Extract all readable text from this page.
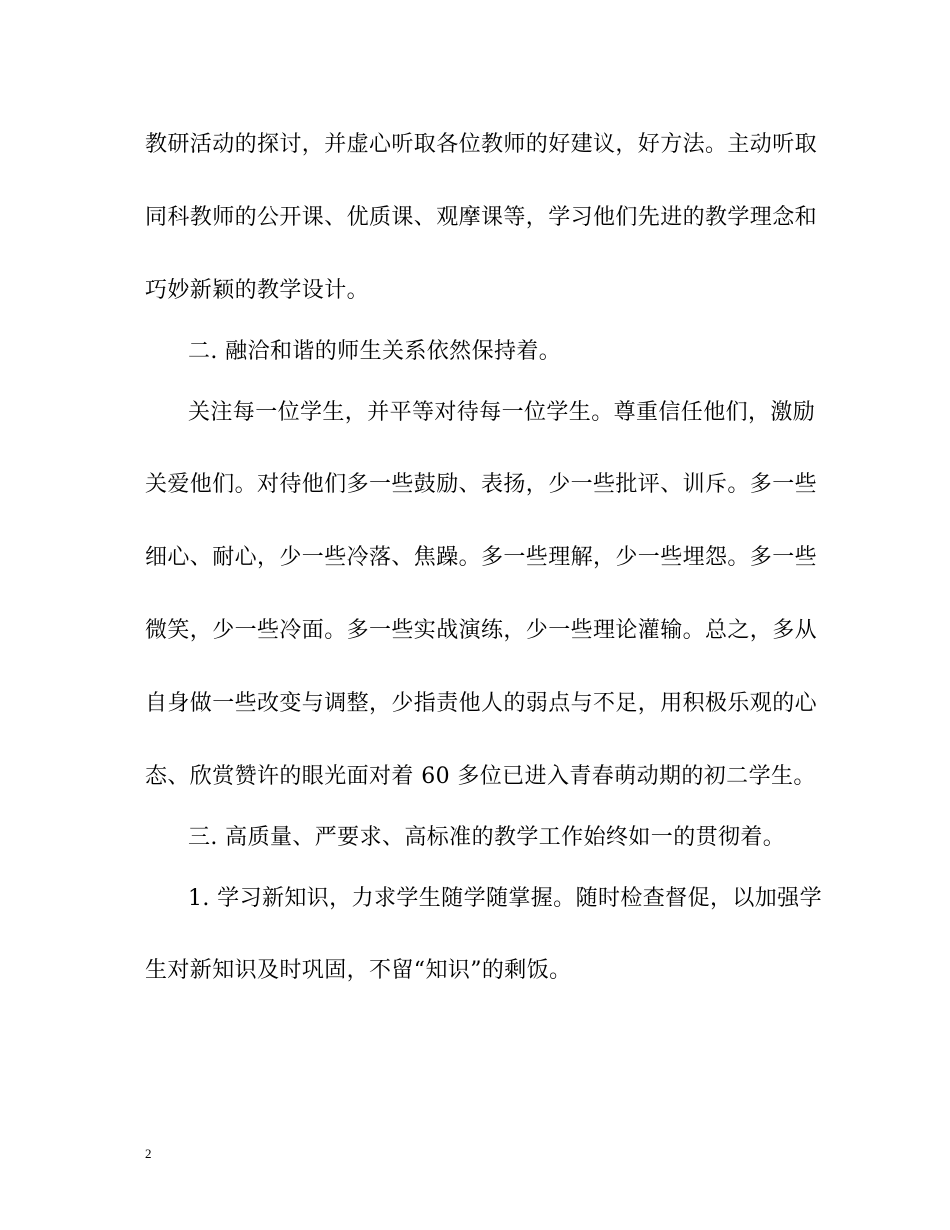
教研活动的探讨，并虚心听取各位教师的好建议，好方法。主动听取
同科教师的公开课、优质课、观摩课等，学习他们先进的教学理念和
巧妙新颖的教学设计。
二. 融洽和谐的师生关系依然保持着。
关注每一位学生，并平等对待每一位学生。尊重信任他们，激励
关爱他们。对待他们多一些鼓励、表扬，少一些批评、训斥。多一些
细心、耐心，少一些冷落、焦躁。多一些理解，少一些埋怨。多一些
微笑，少一些冷面。多一些实战演练，少一些理论灌输。总之，多从
自身做一些改变与调整，少指责他人的弱点与不足，用积极乐观的心
态、欣赏赞许的眼光面对着 60 多位已进入青春萌动期的初二学生。
三. 高质量、严要求、高标准的教学工作始终如一的贯彻着。
1. 学习新知识，力求学生随学随掌握。随时检查督促，以加强学
生对新知识及时巩固，不留“知识”的剩饭。
2
